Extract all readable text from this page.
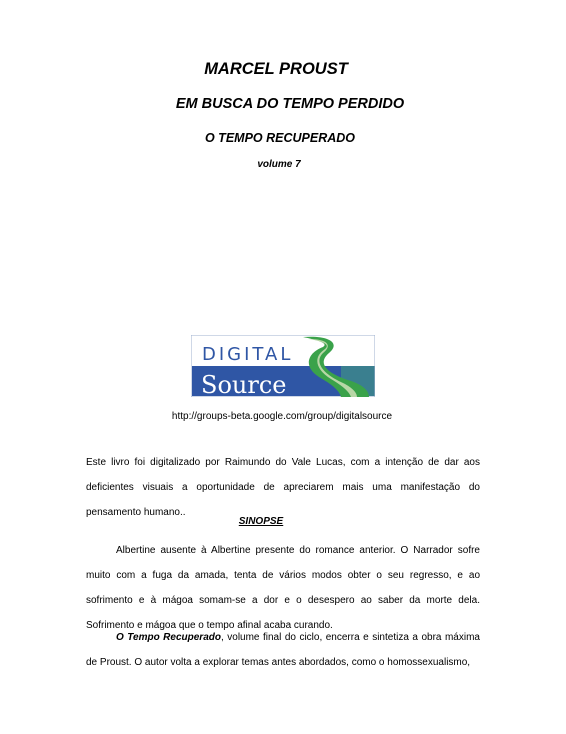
MARCEL PROUST
EM BUSCA DO TEMPO PERDIDO
O TEMPO RECUPERADO
volume 7
DIGITAL
Source
http://groups-beta.google.com/group/digitalsource

Este livro foi digitalizado por Raimundo do Vale Lucas, com a intenção de dar aos deficientes visuais a oportunidade de apreciarem mais uma manifestação do pensamento humano..

SINOPSE

Albertine ausente à Albertine presente do romance anterior. O Narrador sofre muito com a fuga da amada, tenta de vários modos obter o seu regresso, e ao sofrimento e à mágoa somam-se a dor e o desespero ao saber da morte dela. Sofrimento e mágoa que o tempo afinal acaba curando.

O Tempo Recuperado, volume final do ciclo, encerra e sintetiza a obra máxima de Proust. O autor volta a explorar temas antes abordados, como o homossexualismo,
